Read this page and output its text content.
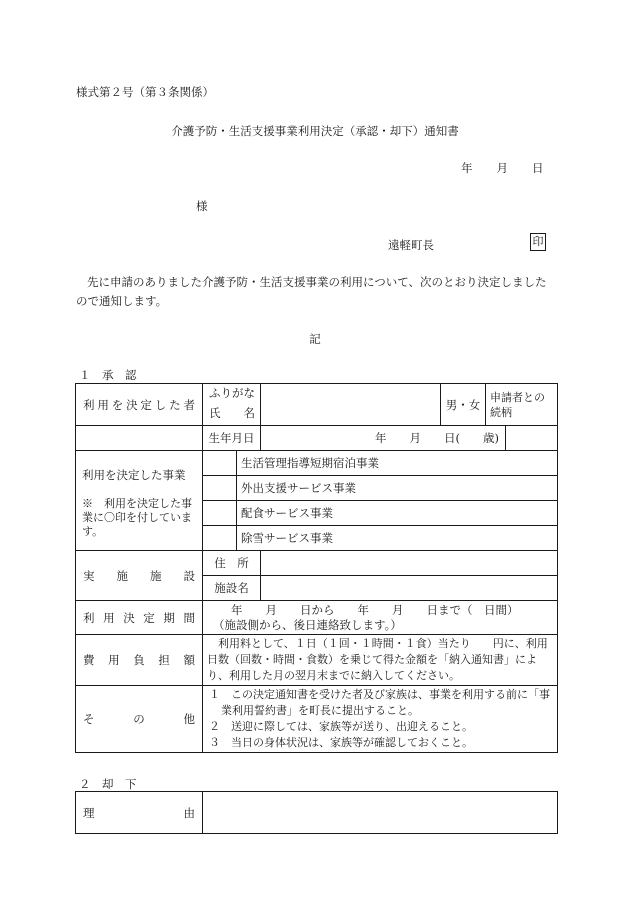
様式第２号（第３条関係）
介護予防・生活支援事業利用決定（承認・却下）通知書
年 月 日
様
遠軽町長	印
先に申請のありました介護予防・生活支援事業の利用について、次のとおり決定しましたので通知します。
記
１　承　認
利用を決定した者	ふりがな			男・女	申請者との続柄	
	氏　　名					
	生年月日		年　　月　　日(　　歳)			

利用を決定した事業
※　利用を決定した事業に〇印を付しています。		生活管理指導短期宿泊事業				
		外出支援サービス事業				
		配食サービス事業				
		除雪サービス事業				
実　施　施　設	住　所					
	施設名					
利用決定期間	年　　月　　日から　　年　　月　　日まで（　日間）
（施設側から、後日連絡致します。）					

費用負担額	利用料として、１日（１回・１時間・１食）当たり　　円に、利用日数（回数・時間・食数）を乗じて得た金額を「納入通知書」により、利用した月の翌月末までに納入してください。					
そ　の　他	１　この決定通知書を受けた者及び家族は、事業を利用する前に「事業利用誓約書」を町長に提出すること。
２　送迎に際しては、家族等が送り、出迎えること。
３　当日の身体状況は、家族等が確認しておくこと。					
２　却　下
理　由	
